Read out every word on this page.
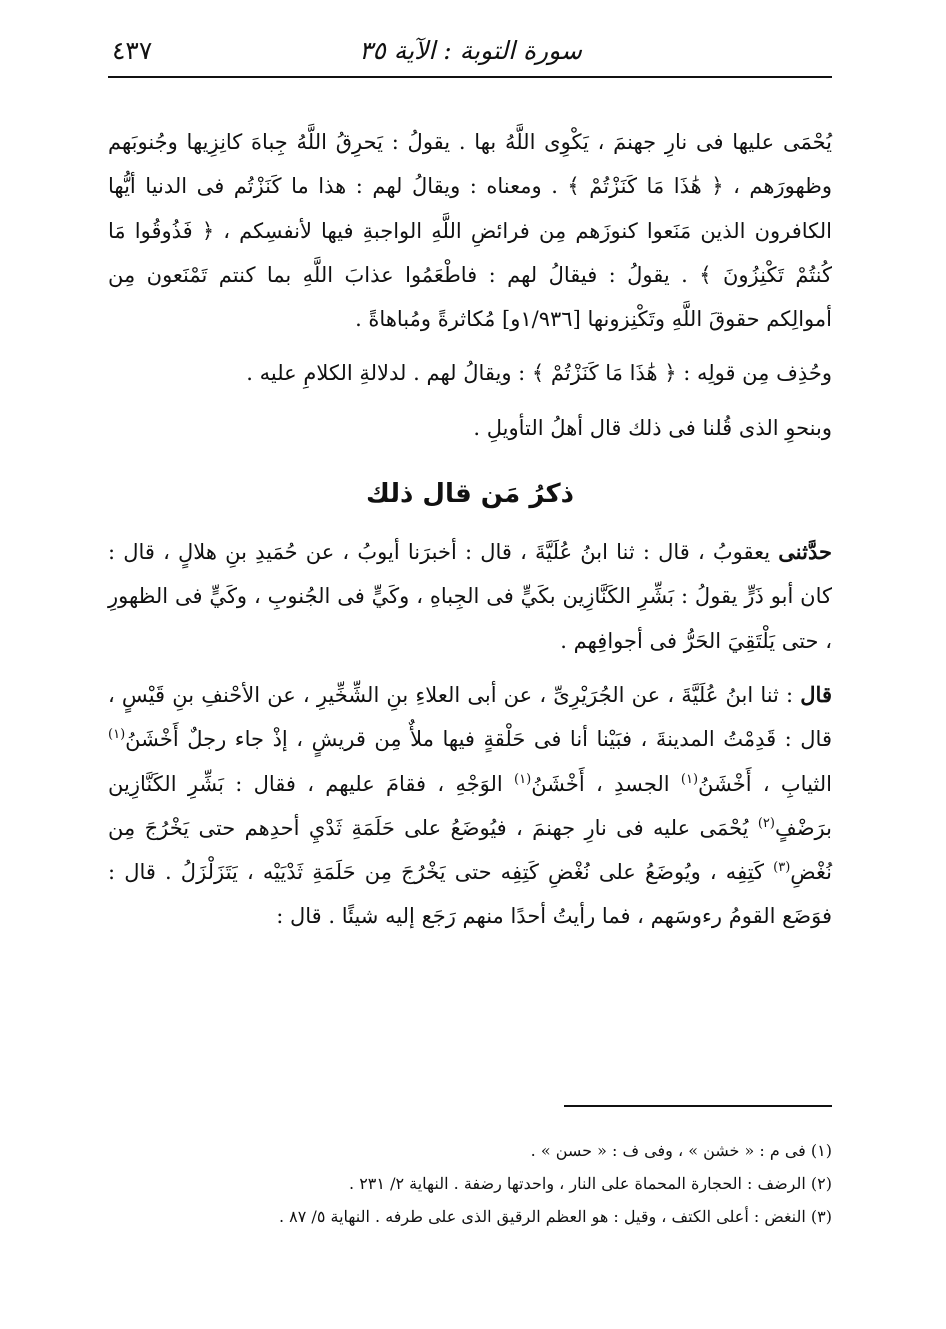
سورة التوبة : الآية ٣٥
٤٣٧

يُحْمَى عليها فى نارِ جهنمَ ، يَكْوِى اللَّهُ بها . يقولُ : يَحرِقُ اللَّهُ جِباهَ كانِزِيها وجُنوبَهم وظهورَهم ، ﴿ هَٰذَا مَا كَنَزْتُمْ ﴾ . ومعناه : ويقالُ لهم : هذا ما كَنَزْتُم فى الدنيا أيُّها الكافرون الذين مَنَعوا كنوزَهم مِن فرائضِ اللَّهِ الواجبةِ فيها لأنفسِكم ، ﴿ فَذُوقُوا مَا كُنتُمْ تَكْنِزُونَ ﴾ . يقولُ : فيقالُ لهم : فاطْعَمُوا عذابَ اللَّهِ بما كنتم تَمْنَعون مِن أموالِكم حقوقَ اللَّهِ وتَكْنِزونها [١/٩٣٦و] مُكاثرةً ومُباهاةً .

وحُذِف مِن قولِه : ﴿ هَٰذَا مَا كَنَزْتُمْ ﴾ : ويقالُ لهم . لدلالةِ الكلامِ عليه .

وبنحوِ الذى قُلنا فى ذلك قال أهلُ التأويلِ .

ذكرُ مَن قال ذلك

حدَّثنى يعقوبُ ، قال : ثنا ابنُ عُلَيَّةَ ، قال : أخبرَنا أيوبُ ، عن حُمَيدِ بنِ هلالٍ ، قال : كان أبو ذَرٍّ يقولُ : بَشِّرِ الكَنَّازِين بكَيٍّ فى الجِباهِ ، وكَيٍّ فى الجُنوبِ ، وكَيٍّ فى الظهورِ ، حتى يَلْتَقِيَ الحَرُّ فى أجوافِهم .

قال : ثنا ابنُ عُلَيَّةَ ، عن الجُرَيْرِىِّ ، عن أبى العلاءِ بنِ الشِّخِّيرِ ، عن الأحْنفِ بنِ قَيْسٍ ، قال : قَدِمْتُ المدينةَ ، فبَيْنا أنا فى حَلْقةٍ فيها ملأٌ مِن قريشٍ ، إذْ جاء رجلٌ أَخْشَنُ$^{(١)}$ الثيابِ ، أَخْشَنُ$^{(١)}$ الجسدِ ، أَخْشَنُ$^{(١)}$ الوَجْهِ ، فقامَ عليهم ، فقال : بَشِّرِ الكَنَّازِين برَضْفٍ$^{(٢)}$ يُحْمَى عليه فى نارِ جهنمَ ، فيُوضَعُ على حَلَمَةِ ثَدْيِ أحدِهم حتى يَخْرُجَ مِن نُغْضِ$^{(٣)}$ كَتِفِه ، ويُوضَعُ على نُغْضِ كَتِفِه حتى يَخْرُجَ مِن حَلَمَةِ ثَدْيَيْه ، يَتَزَلْزَلُ . قال : فوَضَع القومُ رءوسَهم ، فما رأيتُ أحدًا منهم رَجَع إليه شيئًا . قال :

(١) فى م : « خشن » ، وفى ف : « حسن » .

(٢) الرضف : الحجارة المحماة على النار ، واحدتها رضفة . النهاية ٢/ ٢٣١ .

(٣) النغض : أعلى الكتف ، وقيل : هو العظم الرقيق الذى على طرفه . النهاية ٥/ ٨٧ .
